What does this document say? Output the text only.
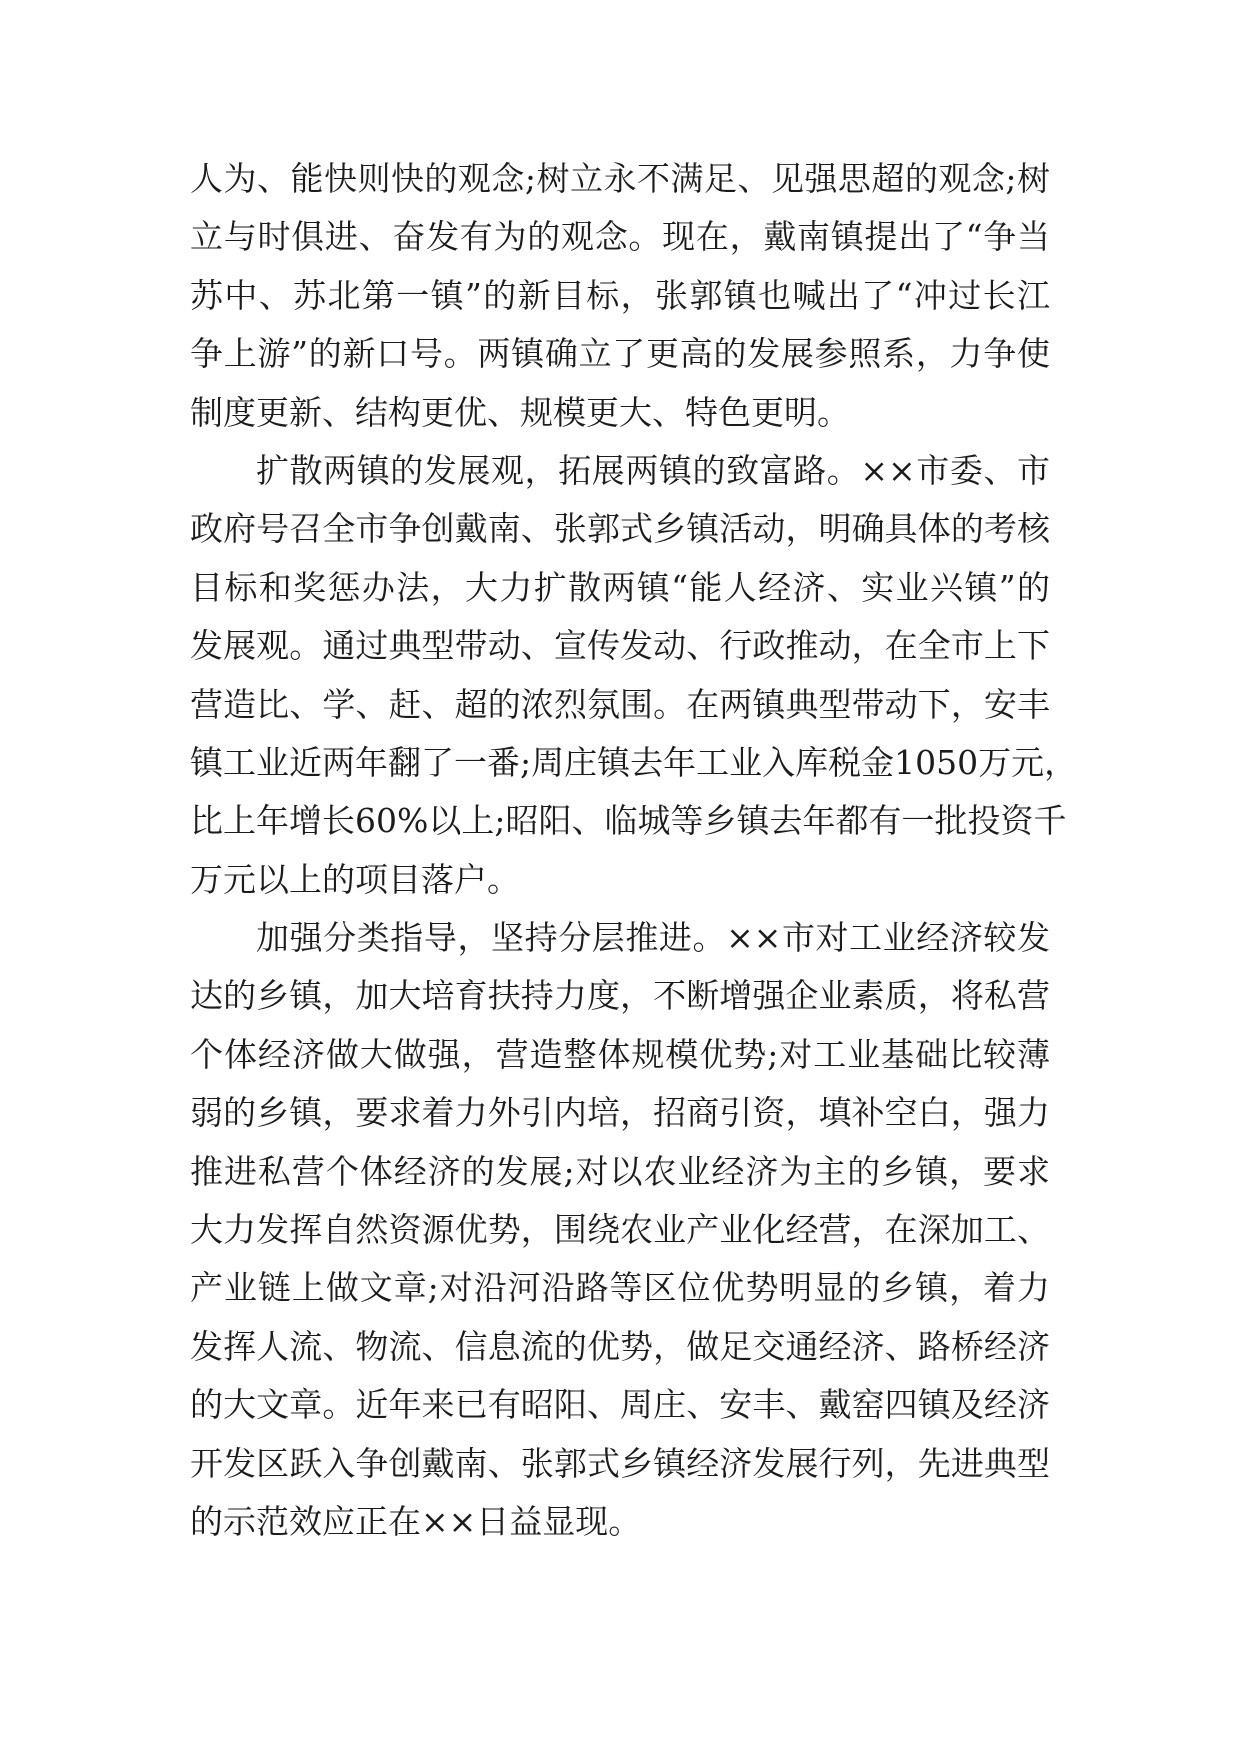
人为、能快则快的观念;树立永不满足、见强思超的观念;树
立与时俱进、奋发有为的观念。现在，戴南镇提出了“争当
苏中、苏北第一镇”的新目标，张郭镇也喊出了“冲过长江
争上游”的新口号。两镇确立了更高的发展参照系，力争使
制度更新、结构更优、规模更大、特色更明。
扩散两镇的发展观，拓展两镇的致富路。××市委、市
政府号召全市争创戴南、张郭式乡镇活动，明确具体的考核
目标和奖惩办法，大力扩散两镇“能人经济、实业兴镇”的
发展观。通过典型带动、宣传发动、行政推动，在全市上下
营造比、学、赶、超的浓烈氛围。在两镇典型带动下，安丰
镇工业近两年翻了一番;周庄镇去年工业入库税金1050万元，
比上年增长60%以上;昭阳、临城等乡镇去年都有一批投资千
万元以上的项目落户。
加强分类指导，坚持分层推进。××市对工业经济较发
达的乡镇，加大培育扶持力度，不断增强企业素质，将私营
个体经济做大做强，营造整体规模优势;对工业基础比较薄
弱的乡镇，要求着力外引内培，招商引资，填补空白，强力
推进私营个体经济的发展;对以农业经济为主的乡镇，要求
大力发挥自然资源优势，围绕农业产业化经营，在深加工、
产业链上做文章;对沿河沿路等区位优势明显的乡镇，着力
发挥人流、物流、信息流的优势，做足交通经济、路桥经济
的大文章。近年来已有昭阳、周庄、安丰、戴窑四镇及经济
开发区跃入争创戴南、张郭式乡镇经济发展行列，先进典型
的示范效应正在××日益显现。
